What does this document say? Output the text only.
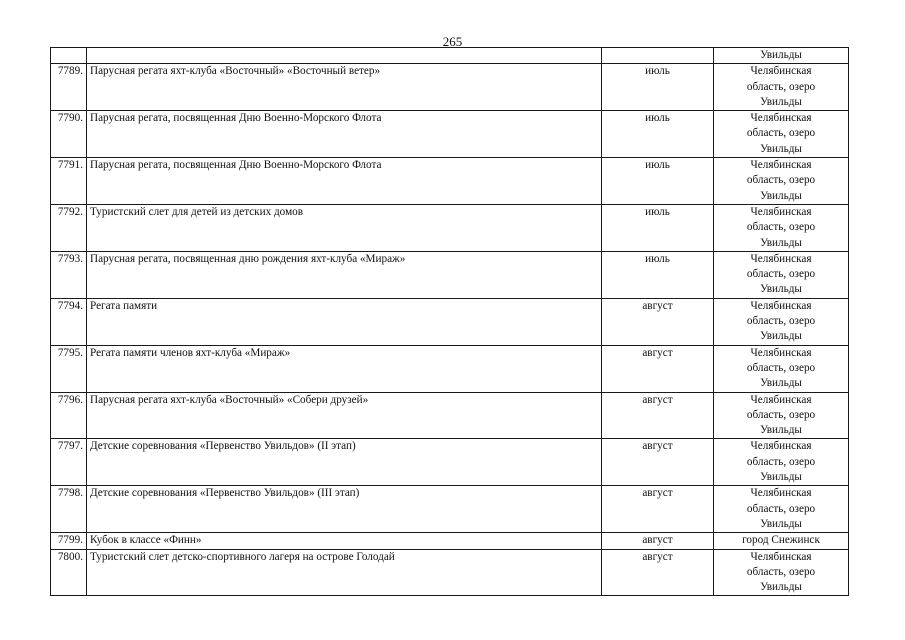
265

			Увильды

7789.	Парусная регата яхт-клуба «Восточный» «Восточный ветер»	июль	Челябинская
область, озеро
Увильды

7790.	Парусная регата, посвященная Дню Военно-Морского Флота	июль	Челябинская
область, озеро
Увильды

7791.	Парусная регата, посвященная Дню Военно-Морского Флота	июль	Челябинская
область, озеро
Увильды

7792.	Туристский слет для детей из детских домов	июль	Челябинская
область, озеро
Увильды

7793.	Парусная регата, посвященная дню рождения яхт-клуба «Мираж»	июль	Челябинская
область, озеро
Увильды

7794.	Регата памяти	август	Челябинская
область, озеро
Увильды

7795.	Регата памяти членов яхт-клуба «Мираж»	август	Челябинская
область, озеро
Увильды

7796.	Парусная регата яхт-клуба «Восточный» «Собери друзей»	август	Челябинская
область, озеро
Увильды

7797.	Детские соревнования «Первенство Увильдов» (II этап)	август	Челябинская
область, озеро
Увильды

7798.	Детские соревнования «Первенство Увильдов» (III этап)	август	Челябинская
область, озеро
Увильды

7799.	Кубок в классе «Финн»	август	город Снежинск

7800.	Туристский слет детско-спортивного лагеря на острове Голодай	август	Челябинская
область, озеро
Увильды
